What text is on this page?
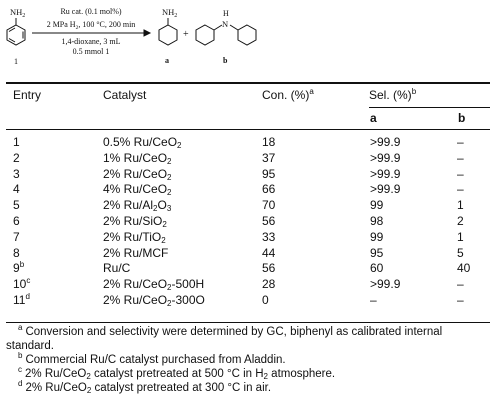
$NH_2$
1
Ru cat. (0.1 mol%)
2 MPa $H_2$, 100 °C, 200 min
1,4-dioxane, 3 mL
0.5 mmol 1
$NH_2$
a
+
H
N
b
Entry	Catalyst	Con. (%)$^a$	Sel. (%)$^b$
a	b
1	0.5% Ru/CeO$_2$	18	>99.9	–
2	1% Ru/CeO$_2$	37	>99.9	–
3	2% Ru/CeO$_2$	95	>99.9	–
4	4% Ru/CeO$_2$	66	>99.9	–
5	2% $Ru/Al_2O_3$	70	99	1
6	2% Ru/SiO$_2$	56	98	2
7	2% Ru/TiO$_2$	33	99	1
8	2% Ru/MCF	44	95	5
9$^b$	Ru/C	56	60	40
10$^c$	2% Ru/CeO$_2$-500H	28	>99.9	–
11$^d$	2% Ru/CeO$_2$-300O	0	–	–

$^a$ Conversion and selectivity were determined by GC, biphenyl as calibrated internal standard.

$^b$ Commercial Ru/C catalyst purchased from Aladdin.

$^c$ 2% Ru/CeO$_2$ catalyst pretreated at 500 °C in $H_2$ atmosphere.

$^d$ 2% Ru/CeO$_2$ catalyst pretreated at 300 °C in air.
